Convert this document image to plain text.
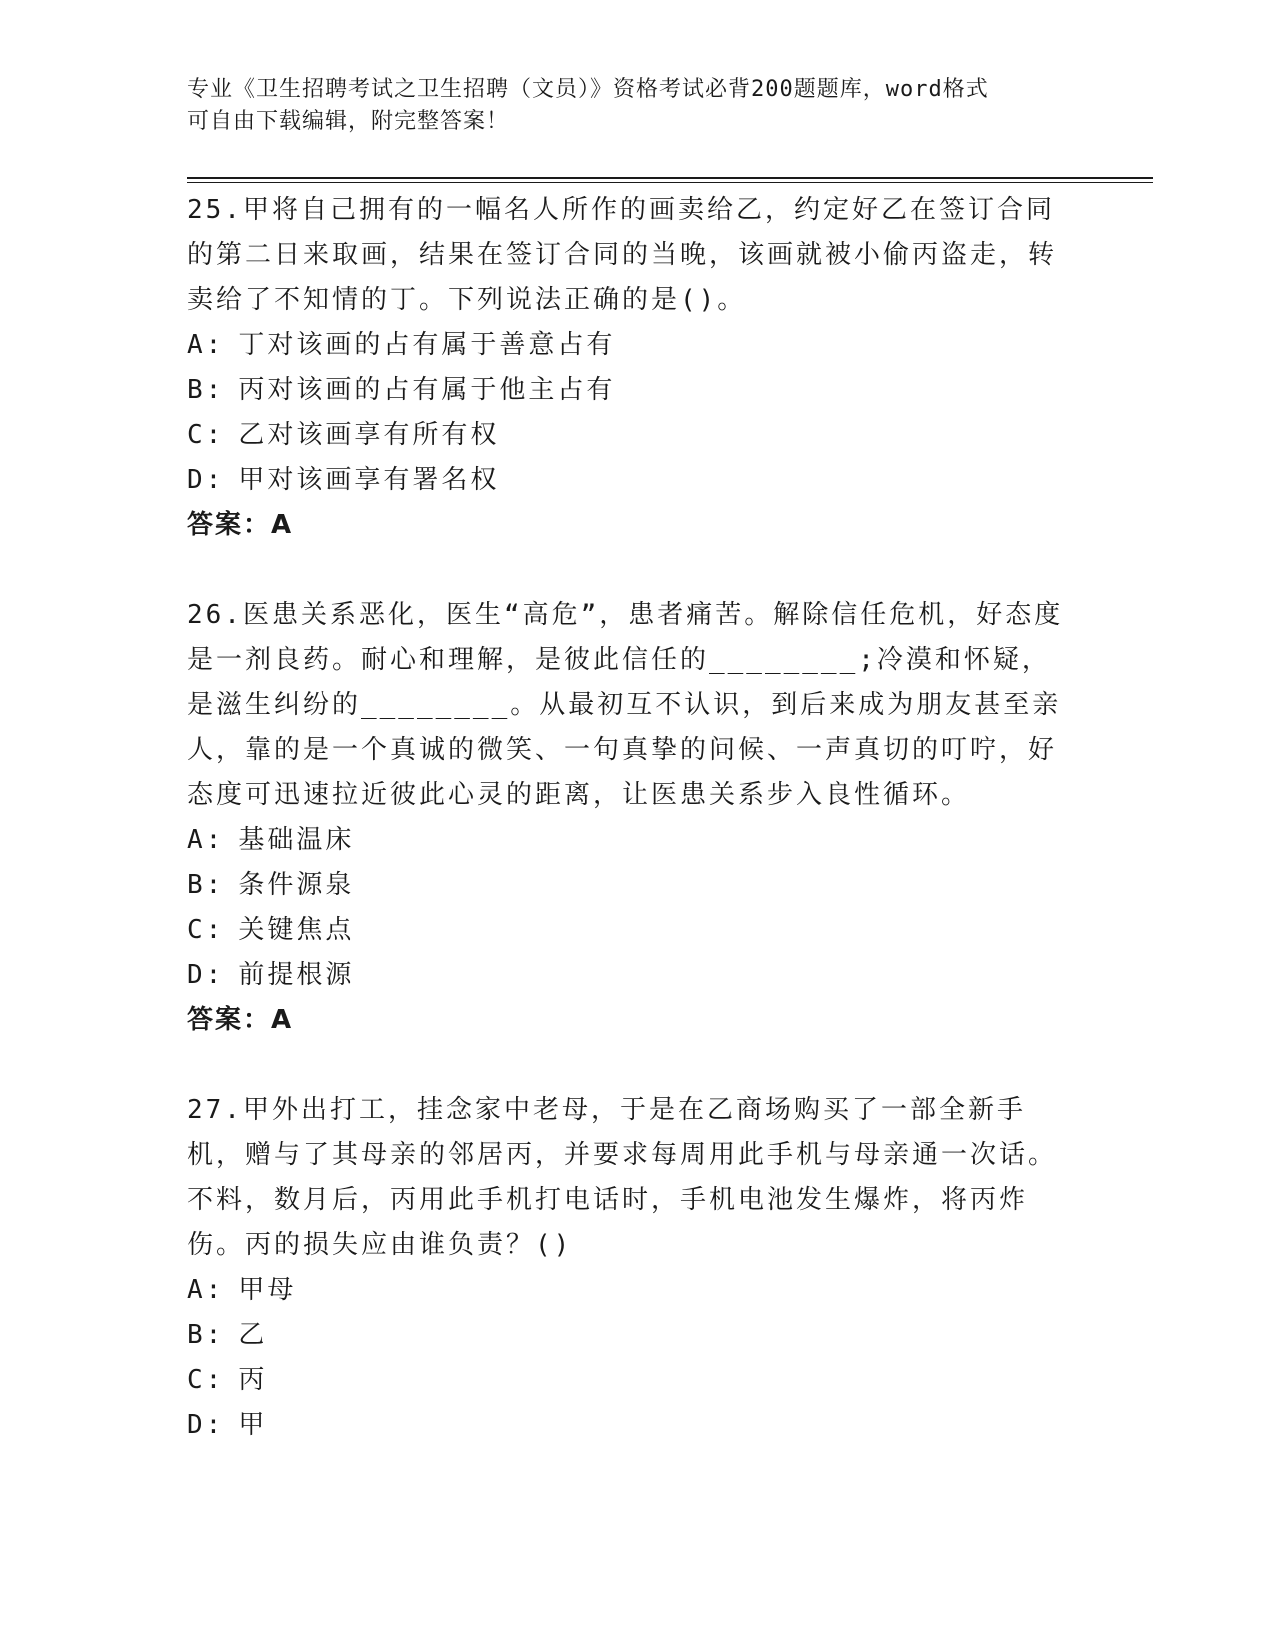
专业《卫生招聘考试之卫生招聘（文员）》资格考试必背200题题库，word格式
可自由下载编辑，附完整答案！

25.甲将自己拥有的一幅名人所作的画卖给乙，约定好乙在签订合同的第二日来取画，结果在签订合同的当晚，该画就被小偷丙盗走，转卖给了不知情的丁。下列说法正确的是()。

A: 丁对该画的占有属于善意占有

B: 丙对该画的占有属于他主占有

C: 乙对该画享有所有权

D: 甲对该画享有署名权

答案：A

26.医患关系恶化，医生“高危”，患者痛苦。解除信任危机，好态度是一剂良药。耐心和理解，是彼此信任的________;冷漠和怀疑，是滋生纠纷的________。从最初互不认识，到后来成为朋友甚至亲人，靠的是一个真诚的微笑、一句真挚的问候、一声真切的叮咛，好态度可迅速拉近彼此心灵的距离，让医患关系步入良性循环。

A: 基础温床

B: 条件源泉

C: 关键焦点

D: 前提根源

答案：A

27.甲外出打工，挂念家中老母，于是在乙商场购买了一部全新手机，赠与了其母亲的邻居丙，并要求每周用此手机与母亲通一次话。不料，数月后，丙用此手机打电话时，手机电池发生爆炸，将丙炸伤。丙的损失应由谁负责？()

A: 甲母

B: 乙

C: 丙

D: 甲
